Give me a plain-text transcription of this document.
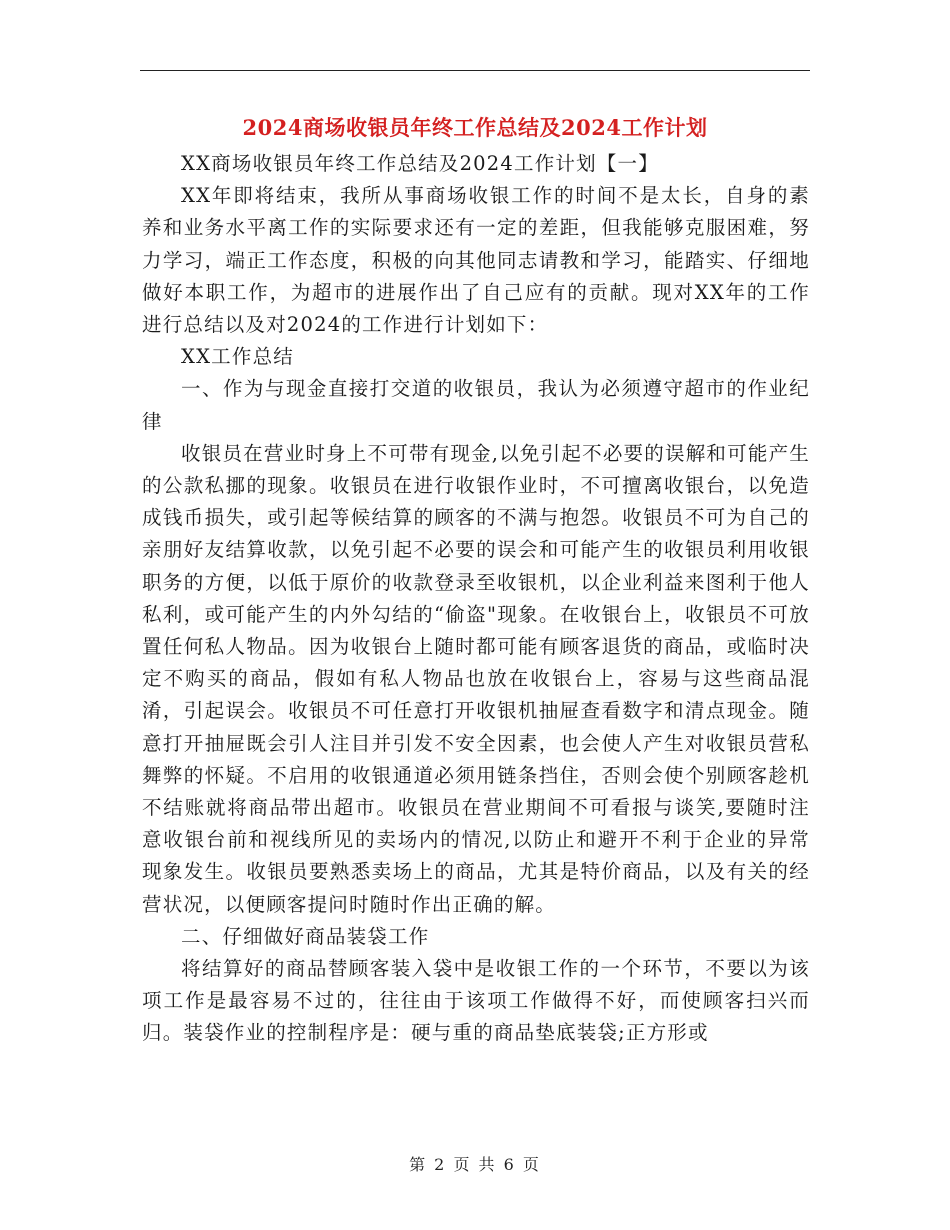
2024商场收银员年终工作总结及2024工作计划

XX商场收银员年终工作总结及2024工作计划【一】

XX年即将结束，我所从事商场收银工作的时间不是太长，自身的素养和业务水平离工作的实际要求还有一定的差距，但我能够克服困难，努力学习，端正工作态度，积极的向其他同志请教和学习，能踏实、仔细地做好本职工作，为超市的进展作出了自己应有的贡献。现对XX年的工作进行总结以及对2024的工作进行计划如下：

XX工作总结

一、作为与现金直接打交道的收银员，我认为必须遵守超市的作业纪律

收银员在营业时身上不可带有现金,以免引起不必要的误解和可能产生的公款私挪的现象。收银员在进行收银作业时，不可擅离收银台，以免造成钱币损失，或引起等候结算的顾客的不满与抱怨。收银员不可为自己的亲朋好友结算收款，以免引起不必要的误会和可能产生的收银员利用收银职务的方便，以低于原价的收款登录至收银机，以企业利益来图利于他人私利，或可能产生的内外勾结的“偷盗"现象。在收银台上，收银员不可放置任何私人物品。因为收银台上随时都可能有顾客退货的商品，或临时决定不购买的商品，假如有私人物品也放在收银台上，容易与这些商品混淆，引起误会。收银员不可任意打开收银机抽屉查看数字和清点现金。随意打开抽屉既会引人注目并引发不安全因素，也会使人产生对收银员营私舞弊的怀疑。不启用的收银通道必须用链条挡住，否则会使个别顾客趁机不结账就将商品带出超市。收银员在营业期间不可看报与谈笑,要随时注意收银台前和视线所见的卖场内的情况,以防止和避开不利于企业的异常现象发生。收银员要熟悉卖场上的商品，尤其是特价商品，以及有关的经营状况，以便顾客提问时随时作出正确的解。

二、仔细做好商品装袋工作

将结算好的商品替顾客装入袋中是收银工作的一个环节，不要以为该项工作是最容易不过的，往往由于该项工作做得不好，而使顾客扫兴而归。装袋作业的控制程序是：硬与重的商品垫底装袋;正方形或

第 2 页 共 6 页
